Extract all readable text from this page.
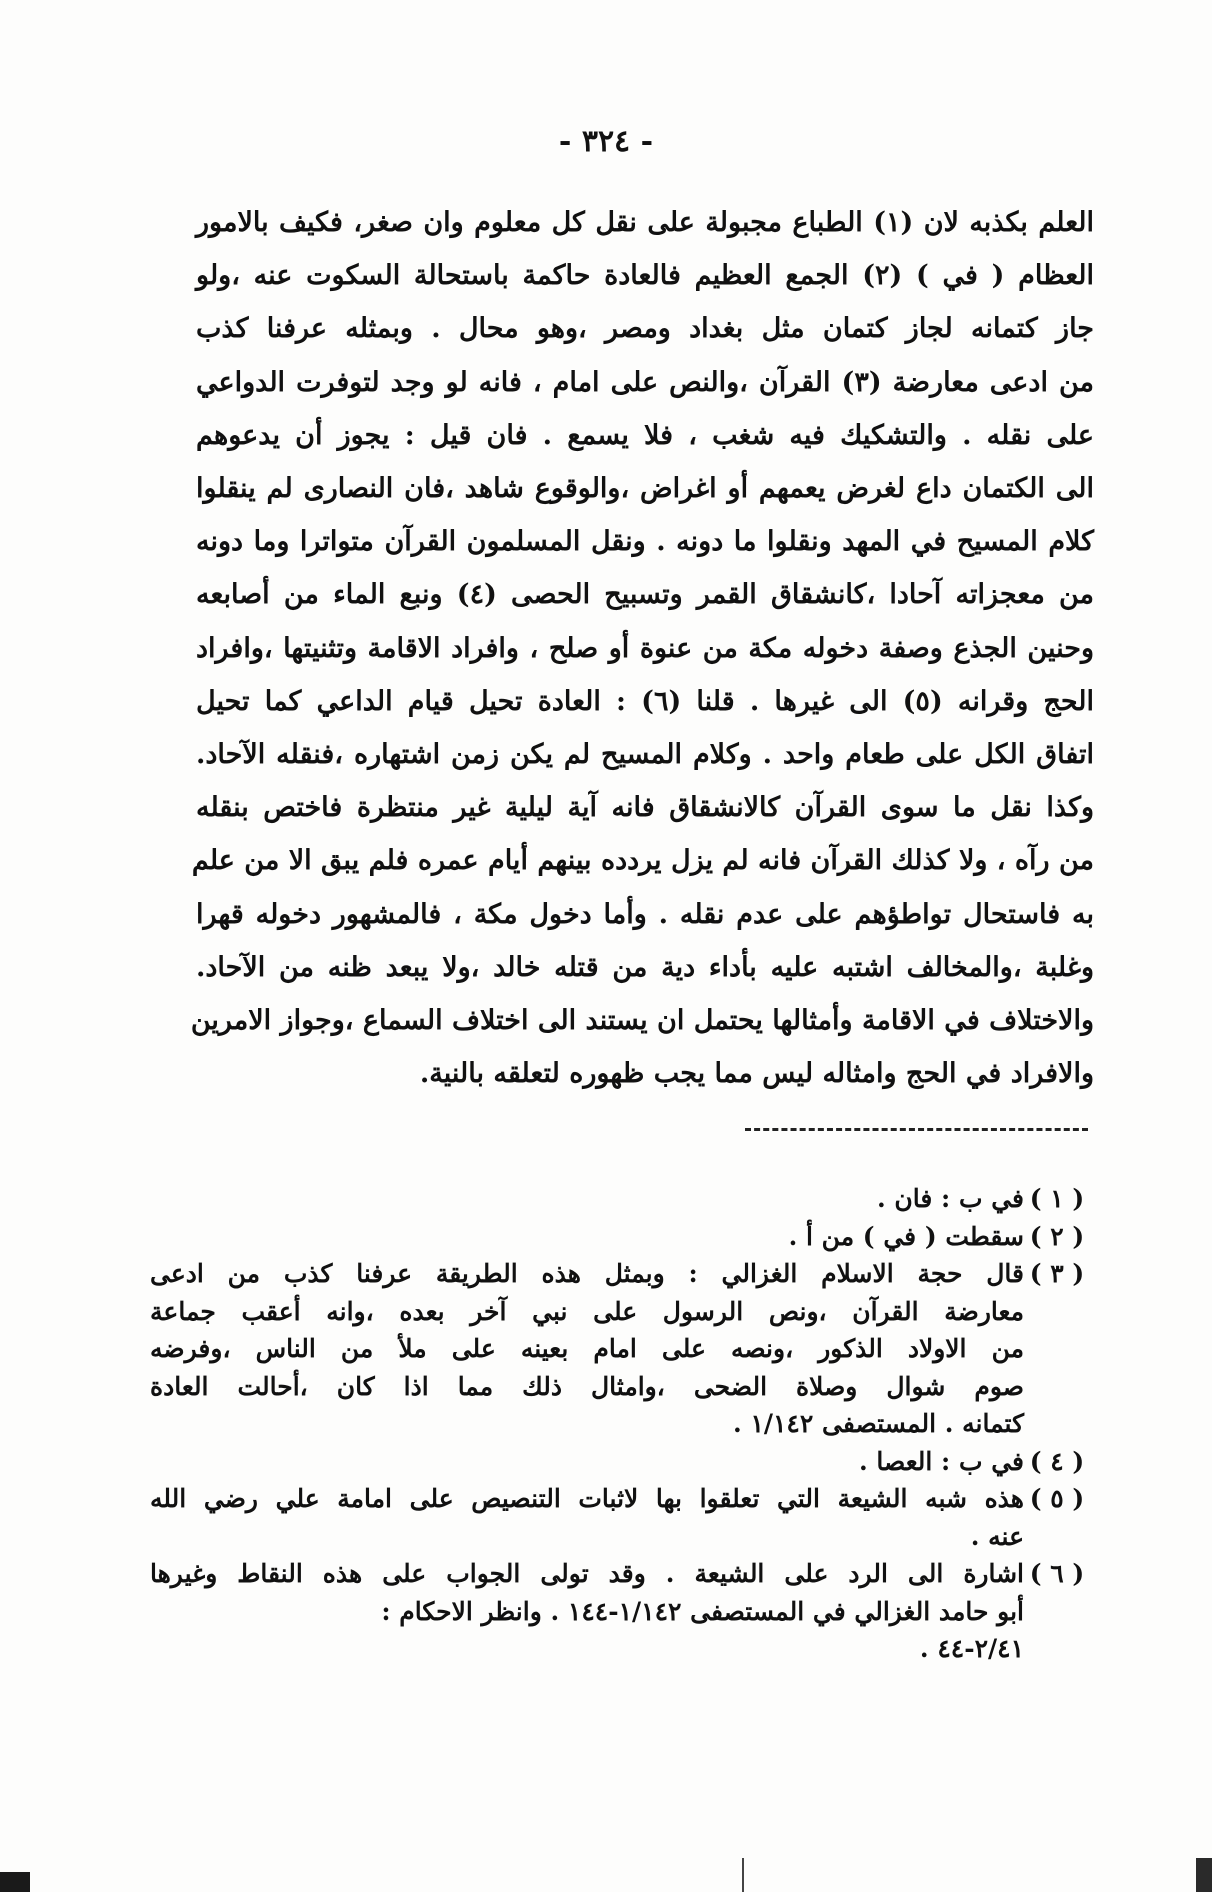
- ٣٢٤ -
العلم بكذبه لان (١) الطباع مجبولة على نقل كل معلوم وان صغر، فكيف بالامور
العظام ( في ) (٢) الجمع العظيم فالعادة حاكمة باستحالة السكوت عنه ،ولو
جاز كتمانه لجاز كتمان مثل بغداد ومصر ،وهو محال . وبمثله عرفنا كذب
من ادعى معارضة (٣) القرآن ،والنص على امام ، فانه لو وجد لتوفرت الدواعي
على نقله . والتشكيك فيه شغب ، فلا يسمع . فان قيل : يجوز أن يدعوهم
الى الكتمان داع لغرض يعمهم أو اغراض ،والوقوع شاهد ،فان النصارى لم ينقلوا
كلام المسيح في المهد ونقلوا ما دونه . ونقل المسلمون القرآن متواترا وما دونه
من معجزاته آحادا ،كانشقاق القمر وتسبيح الحصى (٤) ونبع الماء من أصابعه
وحنين الجذع وصفة دخوله مكة من عنوة أو صلح ، وافراد الاقامة وتثنيتها ،وافراد
الحج وقرانه (٥) الى غيرها . قلنا (٦) : العادة تحيل قيام الداعي كما تحيل
اتفاق الكل على طعام واحد . وكلام المسيح لم يكن زمن اشتهاره ،فنقله الآحاد.
وكذا نقل ما سوى القرآن كالانشقاق فانه آية ليلية غير منتظرة فاختص بنقله
من رآه ، ولا كذلك القرآن فانه لم يزل يردده بينهم أيام عمره فلم يبق الا من علم
به فاستحال تواطؤهم على عدم نقله . وأما دخول مكة ، فالمشهور دخوله قهرا
وغلبة ،والمخالف اشتبه عليه بأداء دية من قتله خالد ،ولا يبعد ظنه من الآحاد.
والاختلاف في الاقامة وأمثالها يحتمل ان يستند الى اختلاف السماع ،وجواز الامرين
والافراد في الحج وامثاله ليس مما يجب ظهوره لتعلقه بالنية.
( ١ )
في ب : فان .
( ٢ )
سقطت ( في ) من أ .
( ٣ )
قال حجة الاسلام الغزالي : وبمثل هذه الطريقة عرفنا كذب من ادعى
معارضة القرآن ،ونص الرسول على نبي آخر بعده ،وانه أعقب جماعة
من الاولاد الذكور ،ونصه على امام بعينه على ملأ من الناس ،وفرضه
صوم شوال وصلاة الضحى ،وامثال ذلك مما اذا كان ،أحالت العادة
كتمانه . المستصفى ١/١٤٢ .
( ٤ )
في ب : العصا .
( ٥ )
هذه شبه الشيعة التي تعلقوا بها لاثبات التنصيص على امامة علي رضي الله
عنه .
( ٦ )
اشارة الى الرد على الشيعة . وقد تولى الجواب على هذه النقاط وغيرها
أبو حامد الغزالي في المستصفى ١/١٤٢-١٤٤ . وانظر الاحكام :
٢/٤١-٤٤ .
